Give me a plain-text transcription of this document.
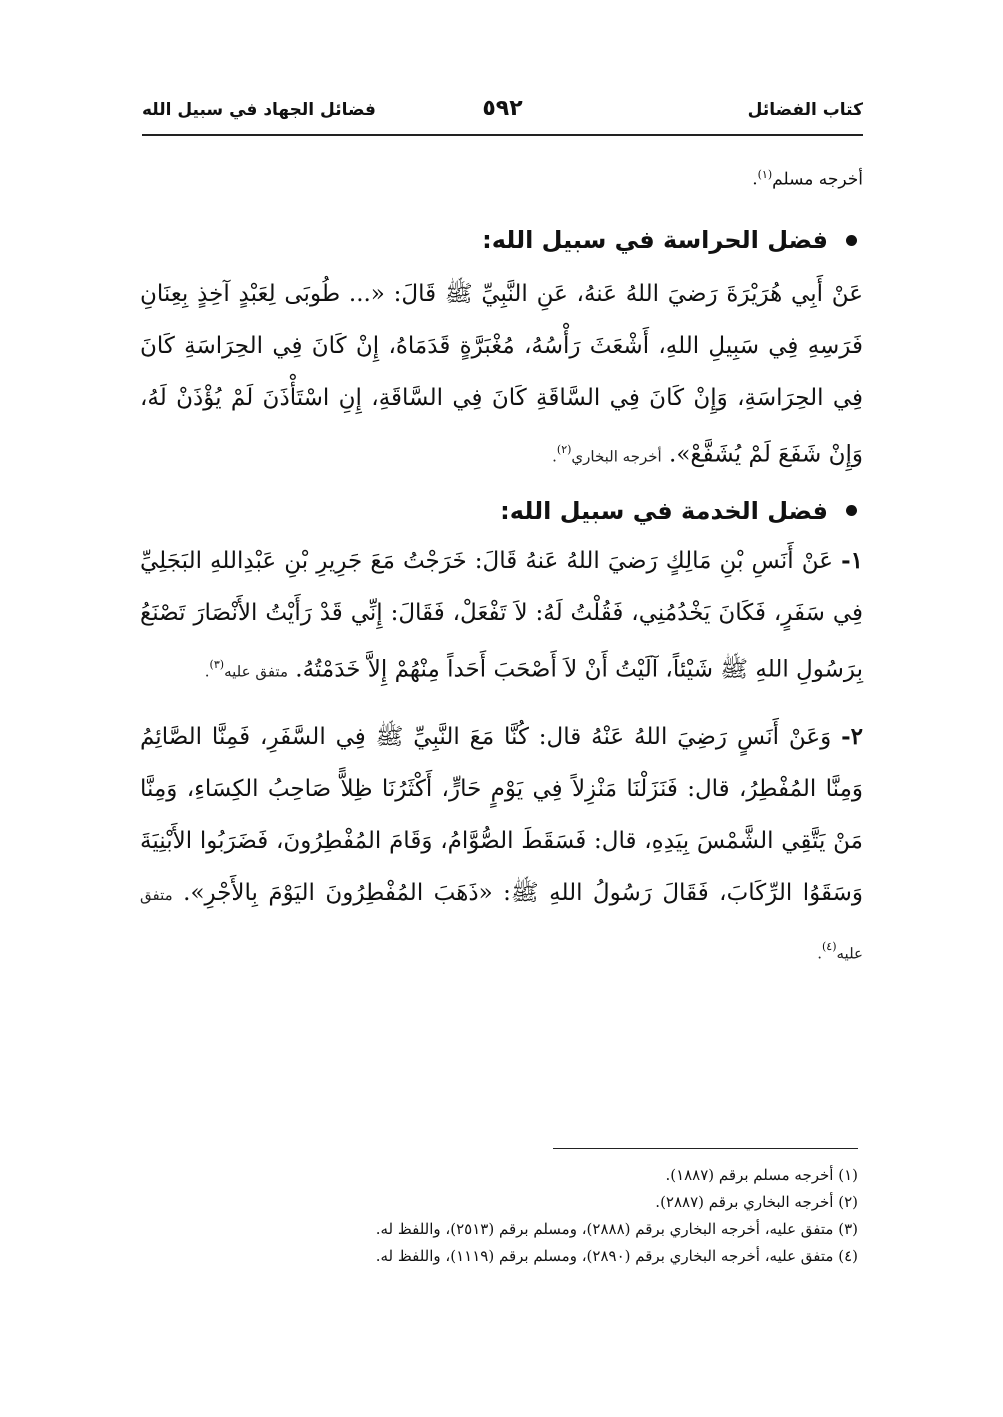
كتاب الفضائل
٥٩٢
فضائل الجهاد في سبيل الله

أخرجه مسلم$^{(١)}$.

فضل الحراسة في سبيل الله:

عَنْ أَبِي هُرَيْرَةَ رَضيَ اللهُ عَنهُ، عَنِ النَّبِيِّ ﷺ قَالَ: «... طُوبَى لِعَبْدٍ آخِذٍ بِعِنَانِ فَرَسِهِ فِي سَبِيلِ اللهِ، أَشْعَثَ رَأْسُهُ، مُغْبَرَّةٍ قَدَمَاهُ، إِنْ كَانَ فِي الحِرَاسَةِ كَانَ فِي الحِرَاسَةِ، وَإِنْ كَانَ فِي السَّاقَةِ كَانَ فِي السَّاقَةِ، إِنِ اسْتَأْذَنَ لَمْ يُؤْذَنْ لَهُ، وَإِنْ شَفَعَ لَمْ يُشَفَّعْ». أخرجه البخاري$^{(٢)}$.

فضل الخدمة في سبيل الله:

١- عَنْ أَنَسِ بْنِ مَالِكٍ رَضيَ اللهُ عَنهُ قَالَ: خَرَجْتُ مَعَ جَرِيرِ بْنِ عَبْدِاللهِ البَجَلِيِّ فِي سَفَرٍ، فَكَانَ يَخْدُمُنِي، فَقُلْتُ لَهُ: لاَ تَفْعَلْ، فَقَالَ: إِنِّي قَدْ رَأَيْتُ الأَنْصَارَ تَصْنَعُ بِرَسُولِ اللهِ ﷺ شَيْئاً، آلَيْتُ أَنْ لاَ أَصْحَبَ أَحَداً مِنْهُمْ إِلاَّ خَدَمْتُهُ. متفق عليه$^{(٣)}$.

٢- وَعَنْ أَنَسٍ رَضِيَ اللهُ عَنْهُ قال: كُنَّا مَعَ النَّبِيِّ ﷺ فِي السَّفَرِ، فَمِنَّا الصَّائِمُ وَمِنَّا المُفْطِرُ، قال: فَنَزَلْنَا مَنْزِلاً فِي يَوْمٍ حَارٍّ، أَكْثَرُنَا ظِلاًّ صَاحِبُ الكِسَاءِ، وَمِنَّا مَنْ يَتَّقِي الشَّمْسَ بِيَدِهِ، قال: فَسَقَطَ الصُّوَّامُ، وَقَامَ المُفْطِرُونَ، فَضَرَبُوا الأَبْنِيَةَ وَسَقَوُا الرِّكَابَ، فَقَالَ رَسُولُ اللهِ ﷺ: «ذَهَبَ المُفْطِرُونَ اليَوْمَ بِالأَجْرِ». متفق عليه$^{(٤)}$.

(١) أخرجه مسلم برقم (١٨٨٧).
(٢) أخرجه البخاري برقم (٢٨٨٧).
(٣) متفق عليه، أخرجه البخاري برقم (٢٨٨٨)، ومسلم برقم (٢٥١٣)، واللفظ له.
(٤) متفق عليه، أخرجه البخاري برقم (٢٨٩٠)، ومسلم برقم (١١١٩)، واللفظ له.
